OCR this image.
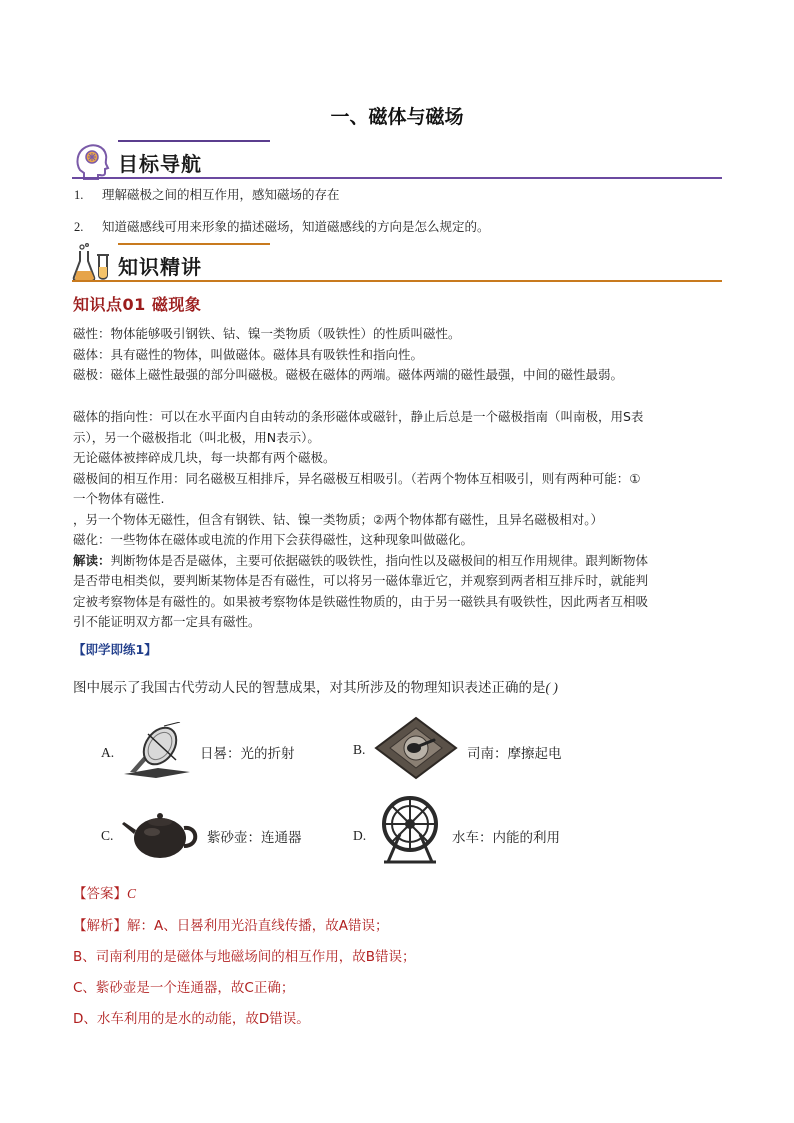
一、磁体与磁场
目标导航
1. 理解磁极之间的相互作用，感知磁场的存在
2. 知道磁感线可用来形象的描述磁场，知道磁感线的方向是怎么规定的。
知识精讲
知识点01 磁现象

磁性：物体能够吸引钢铁、钴、镍一类物质（吸铁性）的性质叫磁性。

磁体：具有磁性的物体，叫做磁体。磁体具有吸铁性和指向性。

磁极：磁体上磁性最强的部分叫磁极。磁极在磁体的两端。磁体两端的磁性最强，中间的磁性最弱。

磁体的指向性：可以在水平面内自由转动的条形磁体或磁针，静止后总是一个磁极指南（叫南极，用S表

示），另一个磁极指北（叫北极，用N表示）。

无论磁体被摔碎成几块，每一块都有两个磁极。

磁极间的相互作用：同名磁极互相排斥，异名磁极互相吸引。（若两个物体互相吸引，则有两种可能：①

一个物体有磁性.

，另一个物体无磁性，但含有钢铁、钴、镍一类物质；②两个物体都有磁性，且异名磁极相对。）

磁化：一些物体在磁体或电流的作用下会获得磁性，这种现象叫做磁化。

解读：判断物体是否是磁体，主要可依据磁铁的吸铁性，指向性以及磁极间的相互作用规律。跟判断物体

是否带电相类似，要判断某物体是否有磁性，可以将另一磁体靠近它，并观察到两者相互排斥时，就能判

定被考察物体是有磁性的。如果被考察物体是铁磁性物质的，由于另一磁铁具有吸铁性，因此两者互相吸

引不能证明双方都一定具有磁性。

【即学即练1】
图中展示了我国古代劳动人民的智慧成果，对其所涉及的物理知识表述正确的是( )
A.	日晷：光的折射	B.	司南：摩擦起电
C.	紫砂壶：连通器	D.	水车：内能的利用
【答案】C
【解析】解：A、日晷利用光沿直线传播，故A错误；
B、司南利用的是磁体与地磁场间的相互作用，故B错误；
C、紫砂壶是一个连通器，故C正确；
D、水车利用的是水的动能，故D错误。
